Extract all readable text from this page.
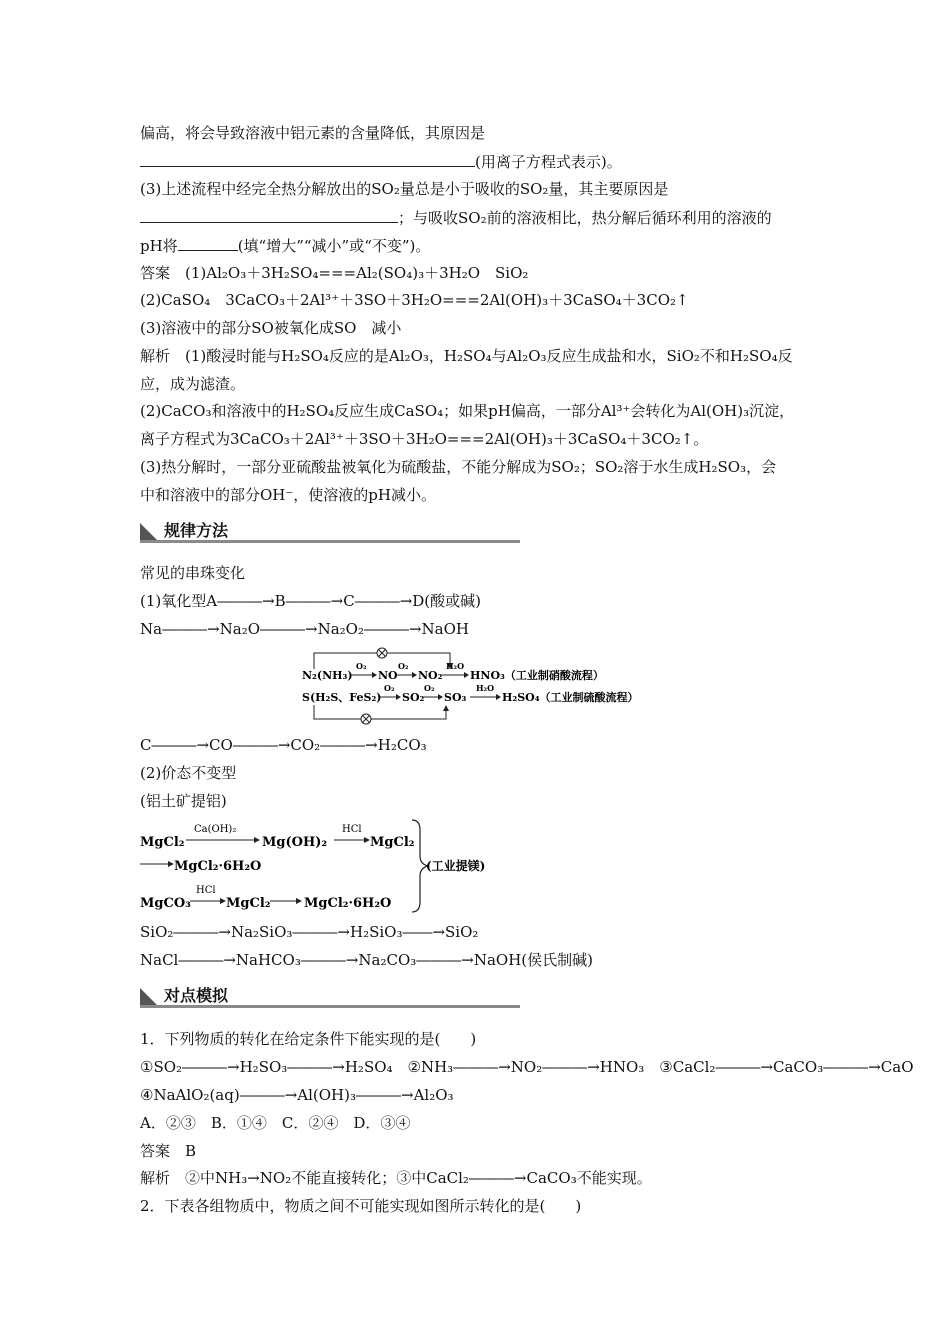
偏高，将会导致溶液中铝元素的含量降低，其原因是
(用离子方程式表示)。
(3)上述流程中经完全热分解放出的SO₂量总是小于吸收的SO₂量，其主要原因是
；与吸收SO₂前的溶液相比，热分解后循环利用的溶液的
pH将	(填“增大”“减小”或“不变”)。
答案　(1)Al₂O₃＋3H₂SO₄===Al₂(SO₄)₃＋3H₂O　SiO₂
(2)CaSO₄　3CaCO₃＋2Al³⁺＋3SO＋3H₂O===2Al(OH)₃＋3CaSO₄＋3CO₂↑
(3)溶液中的部分SO被氧化成SO　减小
解析　(1)酸浸时能与H₂SO₄反应的是Al₂O₃，H₂SO₄与Al₂O₃反应生成盐和水，SiO₂不和H₂SO₄反
应，成为滤渣。
(2)CaCO₃和溶液中的H₂SO₄反应生成CaSO₄；如果pH偏高，一部分Al³⁺会转化为Al(OH)₃沉淀，
离子方程式为3CaCO₃＋2Al³⁺＋3SO＋3H₂O===2Al(OH)₃＋3CaSO₄＋3CO₂↑。
(3)热分解时，一部分亚硫酸盐被氧化为硫酸盐，不能分解成为SO₂；SO₂溶于水生成H₂SO₃，会
中和溶液中的部分OH⁻，使溶液的pH减小。
规律方法
常见的串珠变化
(1)氧化型A―――→B―――→C―――→D(酸或碱)
Na―――→Na₂O―――→Na₂O₂―――→NaOH
N₂(NH₃)
O₂
NO
O₂
NO₂
H₂O
HNO₃（工业制硝酸流程）
S(H₂S、FeS₂)
O₂
SO₂
O₂
SO₃
H₂O
H₂SO₄（工业制硫酸流程）
C―――→CO―――→CO₂―――→H₂CO₃
(2)价态不变型
(铝土矿提铝)
MgCl₂
Ca(OH)₂
Mg(OH)₂
HCl
MgCl₂
MgCl₂·6H₂O
MgCO₃
HCl
MgCl₂	MgCl₂·6H₂O
(工业提镁)
SiO₂―――→Na₂SiO₃―――→H₂SiO₃――→SiO₂
NaCl―――→NaHCO₃―――→Na₂CO₃―――→NaOH(侯氏制碱)
对点模拟
1．下列物质的转化在给定条件下能实现的是(　　)
①SO₂―――→H₂SO₃―――→H₂SO₄　②NH₃―――→NO₂―――→HNO₃　③CaCl₂―――→CaCO₃―――→CaO
④NaAlO₂(aq)―――→Al(OH)₃―――→Al₂O₃
A．②③　B．①④　C．②④　D．③④
答案　B
解析　②中NH₃→NO₂不能直接转化；③中CaCl₂―――→CaCO₃不能实现。
2．下表各组物质中，物质之间不可能实现如图所示转化的是(　　)
